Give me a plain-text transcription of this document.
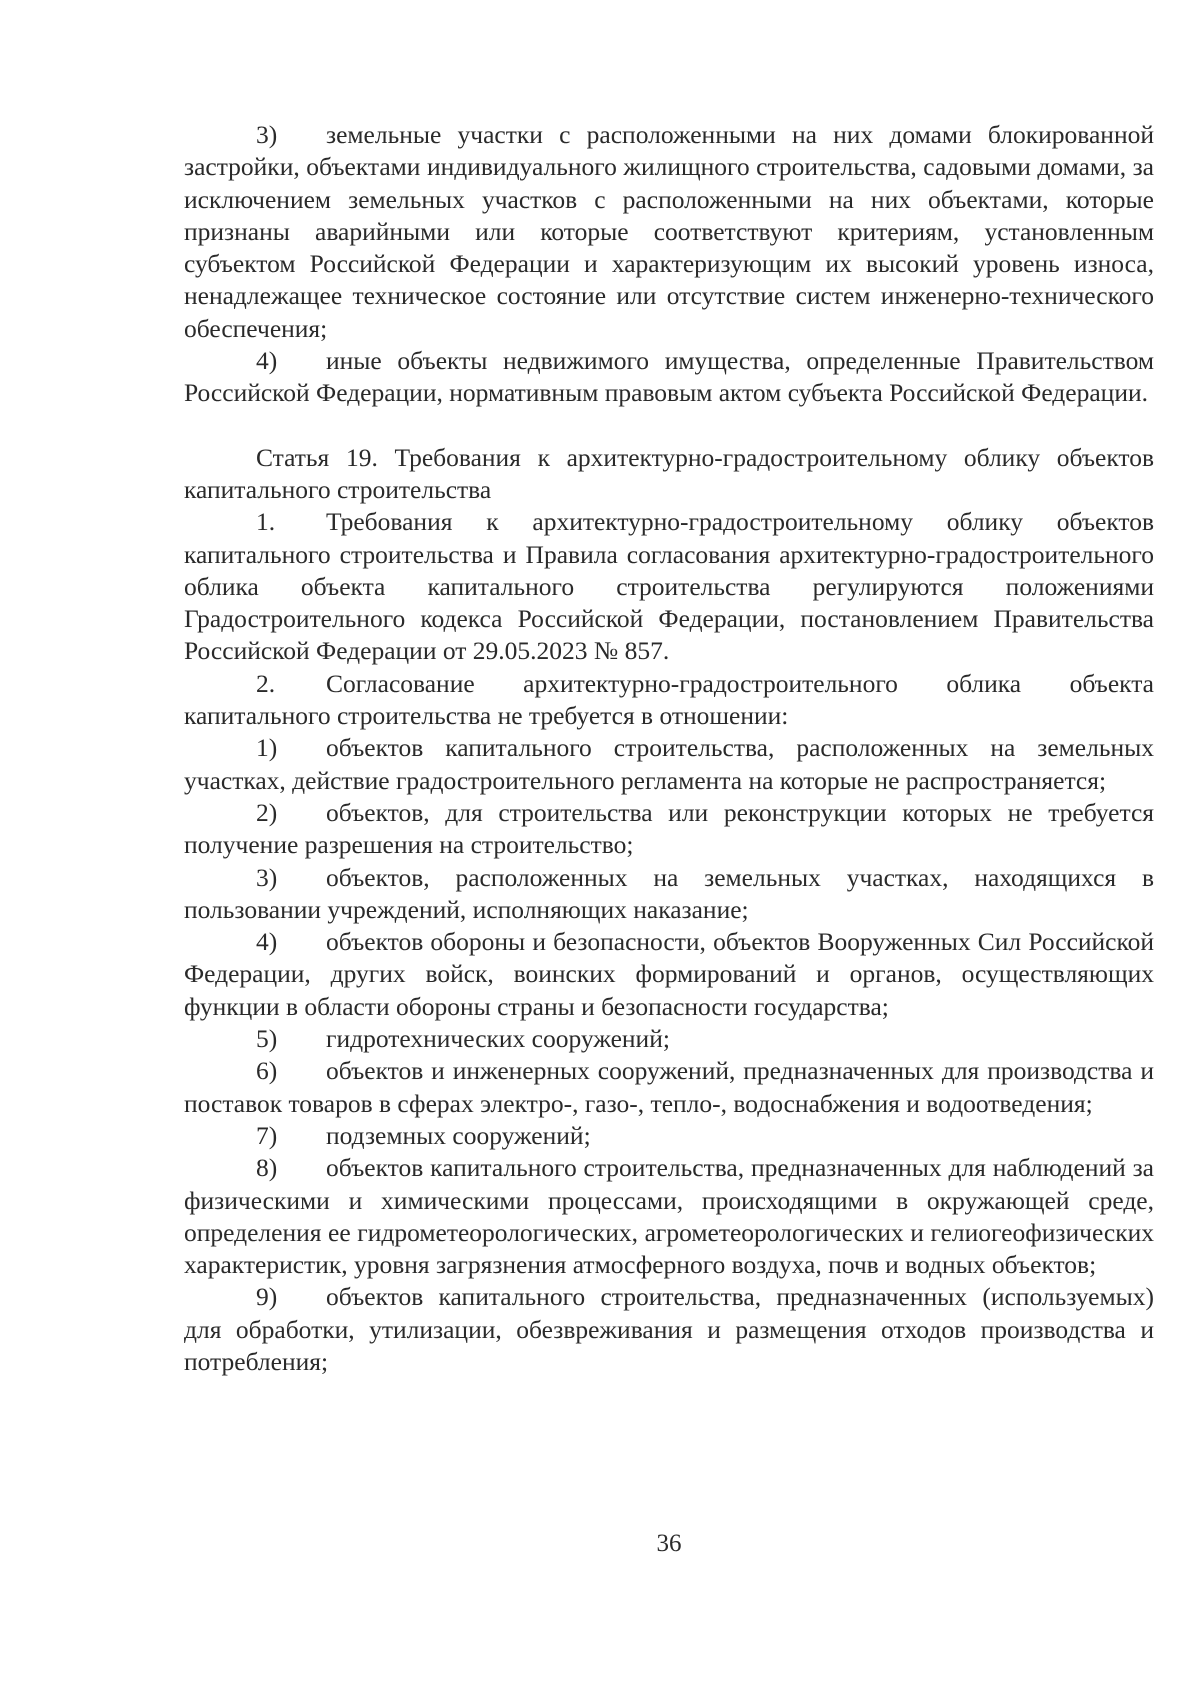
3) земельные участки с расположенными на них домами блокированной застройки, объектами индивидуального жилищного строительства, садовыми домами, за исключением земельных участков с расположенными на них объектами, которые признаны аварийными или которые соответствуют критериям, установленным субъектом Российской Федерации и характеризующим их высокий уровень износа, ненадлежащее техническое состояние или отсутствие систем инженерно-технического обеспечения;

4) иные объекты недвижимого имущества, определенные Правительством Российской Федерации, нормативным правовым актом субъекта Российской Федерации.

Статья 19. Требования к архитектурно-градостроительному облику объектов капитального строительства

1. Требования к архитектурно-градостроительному облику объектов капитального строительства и Правила согласования архитектурно-градостроительного облика объекта капитального строительства регулируются положениями Градостроительного кодекса Российской Федерации, постановлением Правительства Российской Федерации от 29.05.2023 № 857.

2. Согласование архитектурно-градостроительного облика объекта капитального строительства не требуется в отношении:

1) объектов капитального строительства, расположенных на земельных участках, действие градостроительного регламента на которые не распространяется;

2) объектов, для строительства или реконструкции которых не требуется получение разрешения на строительство;

3) объектов, расположенных на земельных участках, находящихся в пользовании учреждений, исполняющих наказание;

4) объектов обороны и безопасности, объектов Вооруженных Сил Российской Федерации, других войск, воинских формирований и органов, осуществляющих функции в области обороны страны и безопасности государства;

5) гидротехнических сооружений;

6) объектов и инженерных сооружений, предназначенных для производства и поставок товаров в сферах электро-, газо-, тепло-, водоснабжения и водоотведения;

7) подземных сооружений;

8) объектов капитального строительства, предназначенных для наблюдений за физическими и химическими процессами, происходящими в окружающей среде, определения ее гидрометеорологических, агрометеорологических и гелиогеофизических характеристик, уровня загрязнения атмосферного воздуха, почв и водных объектов;

9) объектов капитального строительства, предназначенных (используемых) для обработки, утилизации, обезвреживания и размещения отходов производства и потребления;

36
